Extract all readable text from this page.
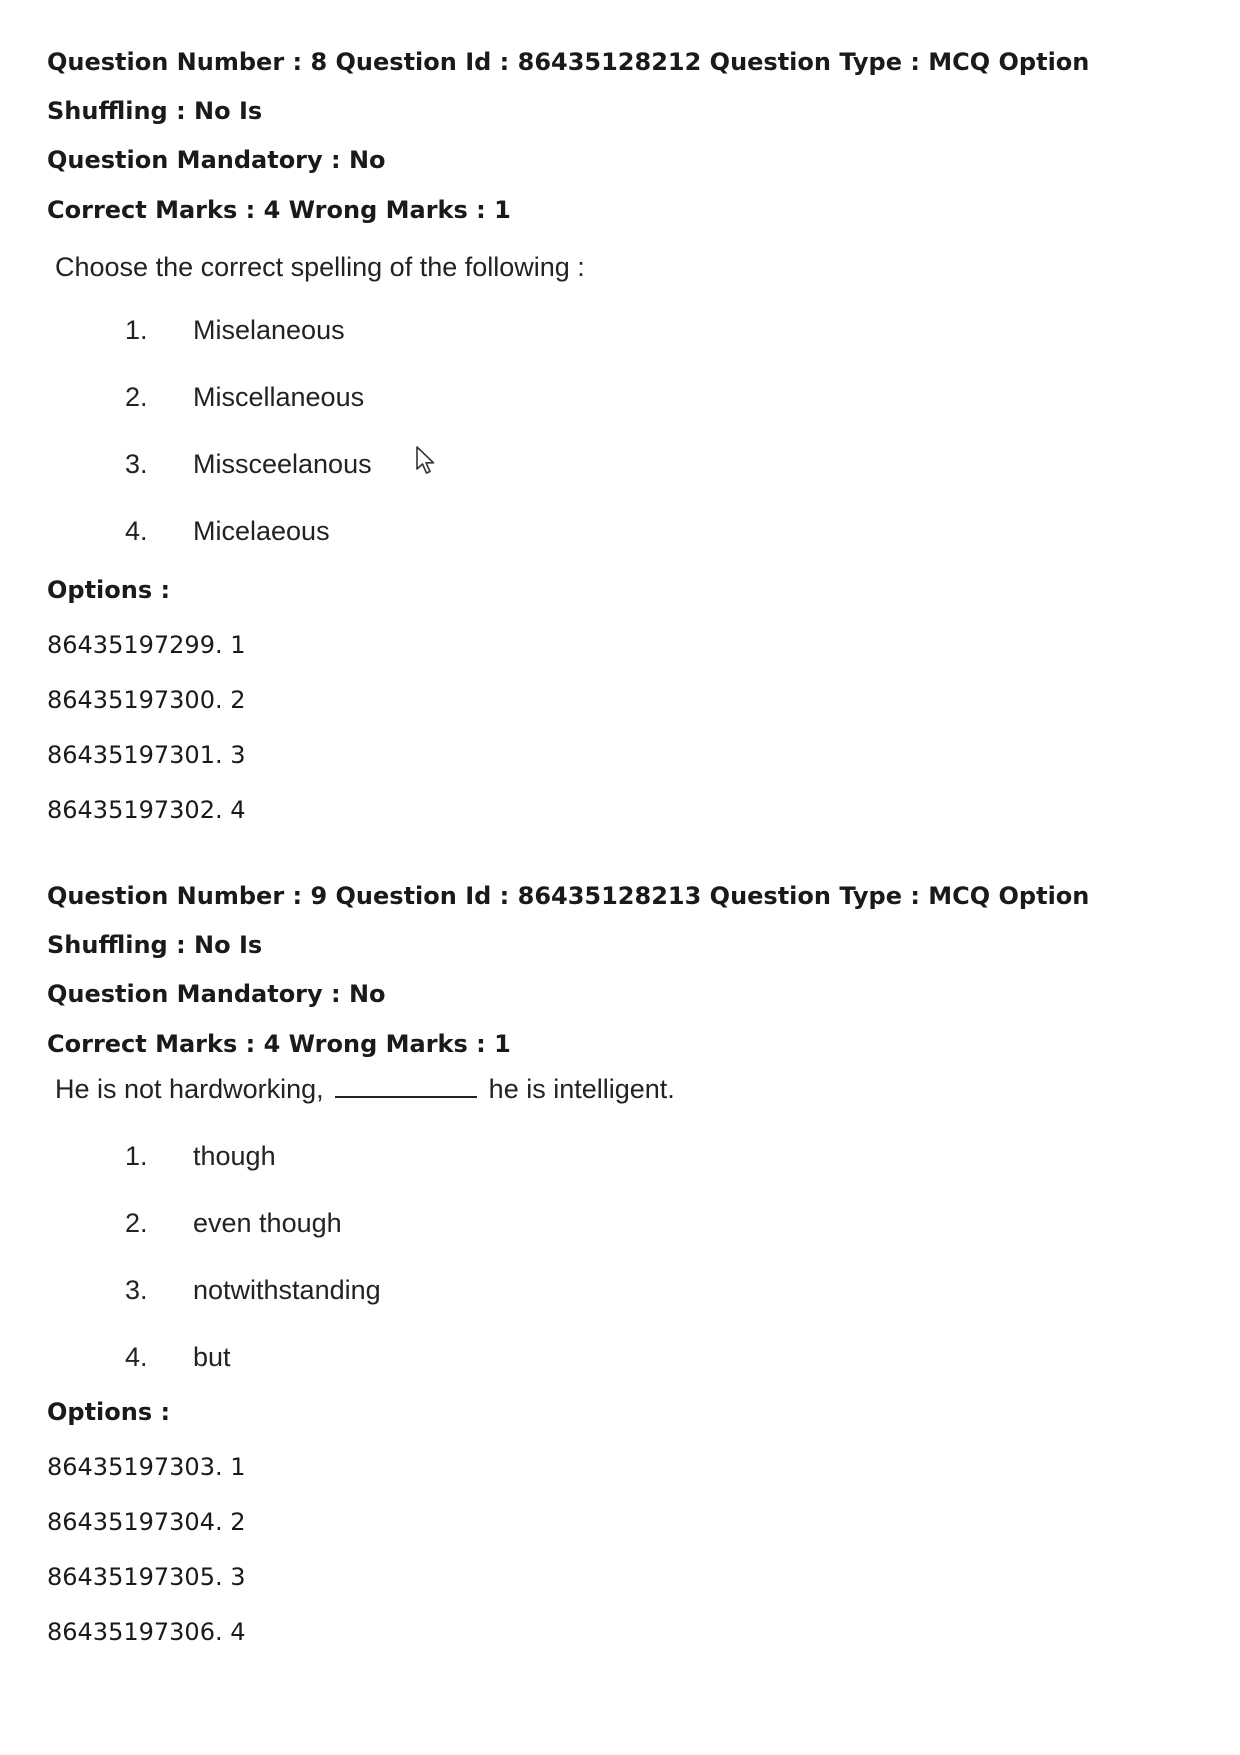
Question Number : 8 Question Id : 86435128212 Question Type : MCQ Option Shuffling : No Is

Question Mandatory : No

Correct Marks : 4 Wrong Marks : 1

Choose the correct spelling of the following :

1.	Miselaneous
2.	Miscellaneous
3.	Missceelanous
4.	Micelaeous

Options :

86435197299. 1

86435197300. 2

86435197301. 3

86435197302. 4

Question Number : 9 Question Id : 86435128213 Question Type : MCQ Option Shuffling : No Is

Question Mandatory : No

Correct Marks : 4 Wrong Marks : 1

He is not hardworking,	he is intelligent.

1.	though
2.	even though
3.	notwithstanding
4.	but

Options :

86435197303. 1

86435197304. 2

86435197305. 3

86435197306. 4
